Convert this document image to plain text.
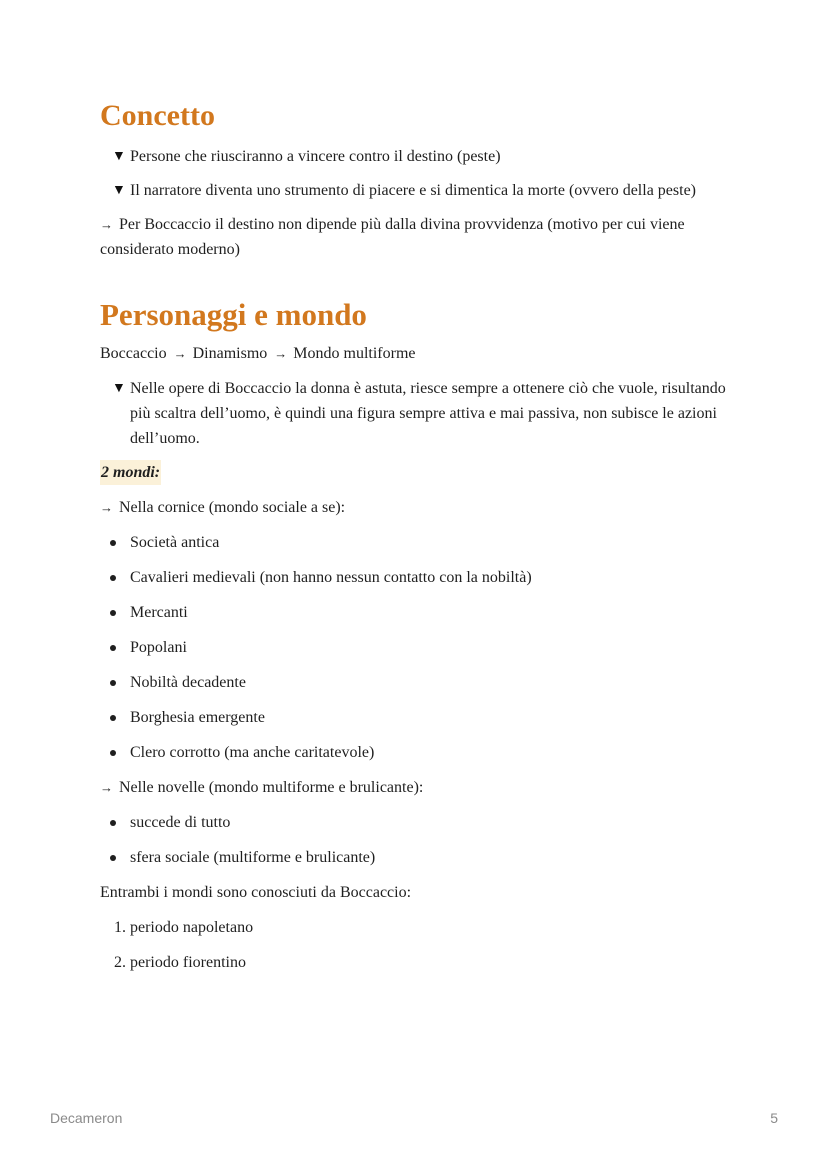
Concetto
▼ Persone che riusciranno a vincere contro il destino (peste)
▼ Il narratore diventa uno strumento di piacere e si dimentica la morte (ovvero della peste)
→ Per Boccaccio il destino non dipende più dalla divina provvidenza (motivo per cui viene considerato moderno)
Personaggi e mondo
Boccaccio → Dinamismo → Mondo multiforme
▼ Nelle opere di Boccaccio la donna è astuta, riesce sempre a ottenere ciò che vuole, risultando più scaltra dell’uomo, è quindi una figura sempre attiva e mai passiva, non subisce le azioni dell’uomo.
2 mondi:
→ Nella cornice (mondo sociale a se):
Società antica
Cavalieri medievali (non hanno nessun contatto con la nobiltà)
Mercanti
Popolani
Nobiltà decadente
Borghesia emergente
Clero corrotto (ma anche caritatevole)
→ Nelle novelle (mondo multiforme e brulicante):
succede di tutto
sfera sociale (multiforme e brulicante)
Entrambi i mondi sono conosciuti da Boccaccio:
1. periodo napoletano
2. periodo fiorentino
Decameron	5
